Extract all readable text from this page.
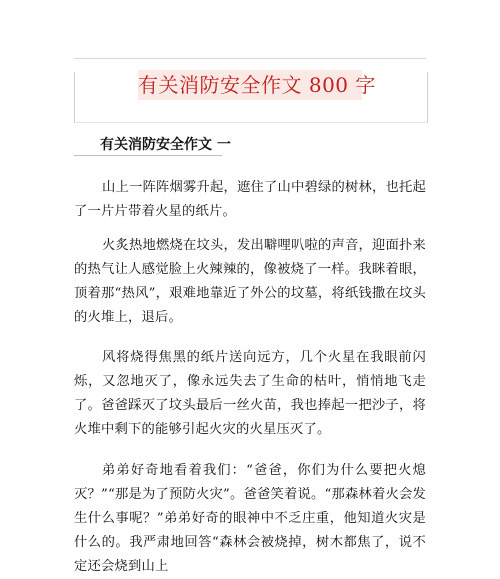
有关消防安全作文 800 字
有关消防安全作文 一
山上一阵阵烟雾升起，遮住了山中碧绿的树林，也托起了一片片带着火星的纸片。
火炙热地燃烧在坟头，发出噼哩叭啦的声音，迎面扑来的热气让人感觉脸上火辣辣的，像被烧了一样。我眯着眼，顶着那“热风”，艰难地靠近了外公的坟墓，将纸钱撒在坟头的火堆上，退后。
风将烧得焦黑的纸片送向远方，几个火星在我眼前闪烁，又忽地灭了，像永远失去了生命的枯叶，悄悄地飞走了。爸爸踩灭了坟头最后一丝火苗，我也捧起一把沙子，将火堆中剩下的能够引起火灾的火星压灭了。
弟弟好奇地看着我们：“爸爸，你们为什么要把火熄灭？”“那是为了预防火灾”。爸爸笑着说。“那森林着火会发生什么事呢？”弟弟好奇的眼神中不乏庄重，他知道火灾是什么的。我严肃地回答“森林会被烧掉，树木都焦了，说不定还会烧到山上
